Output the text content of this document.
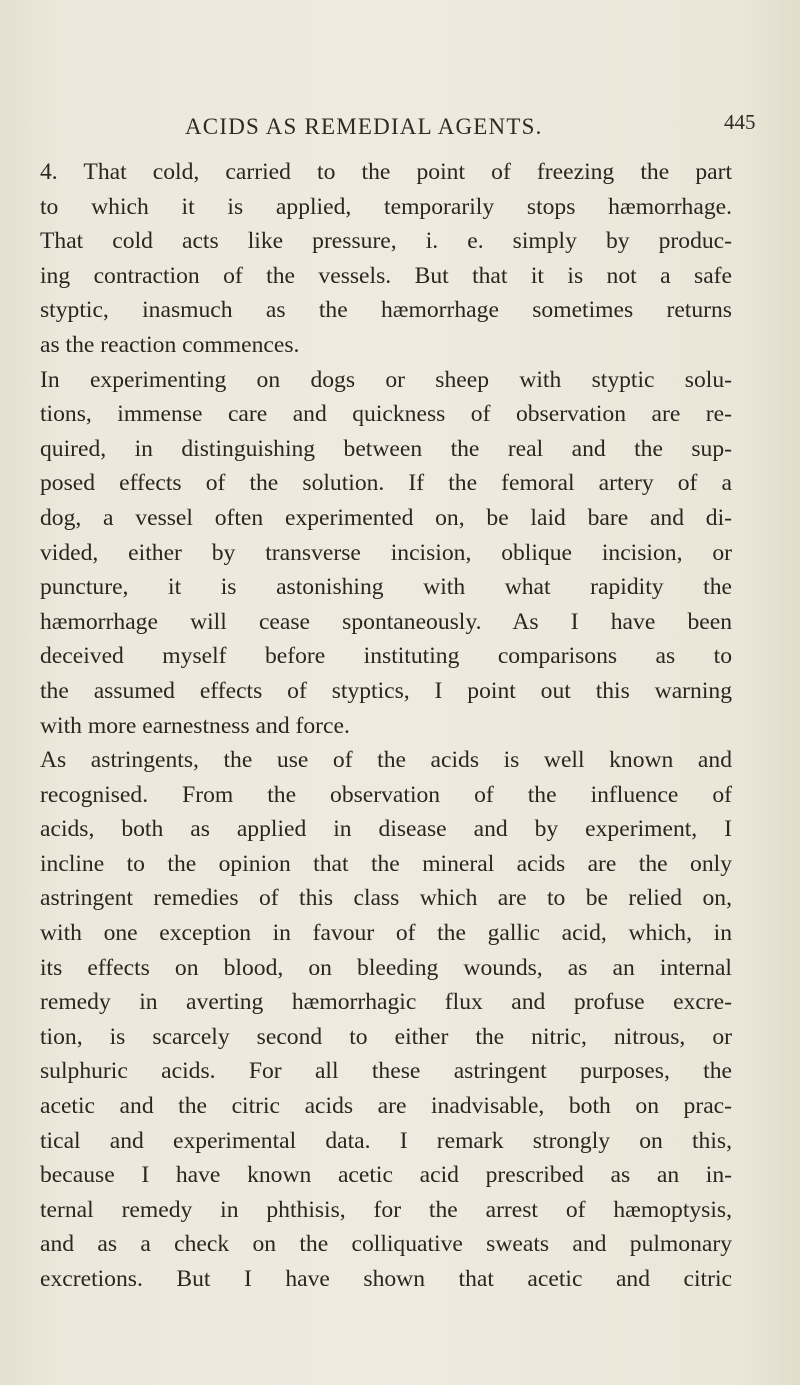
ACIDS AS REMEDIAL AGENTS.	445
4. That cold, carried to the point of freezing the part
to which it is applied, temporarily stops hæmorrhage.
That cold acts like pressure, i. e. simply by produc-
ing contraction of the vessels. But that it is not a safe
styptic, inasmuch as the hæmorrhage sometimes returns
as the reaction commences.
In experimenting on dogs or sheep with styptic solu-
tions, immense care and quickness of observation are re-
quired, in distinguishing between the real and the sup-
posed effects of the solution. If the femoral artery of a
dog, a vessel often experimented on, be laid bare and di-
vided, either by transverse incision, oblique incision, or
puncture, it is astonishing with what rapidity the
hæmorrhage will cease spontaneously. As I have been
deceived myself before instituting comparisons as to
the assumed effects of styptics, I point out this warning
with more earnestness and force.
As astringents, the use of the acids is well known and
recognised. From the observation of the influence of
acids, both as applied in disease and by experiment, I
incline to the opinion that the mineral acids are the only
astringent remedies of this class which are to be relied on,
with one exception in favour of the gallic acid, which, in
its effects on blood, on bleeding wounds, as an internal
remedy in averting hæmorrhagic flux and profuse excre-
tion, is scarcely second to either the nitric, nitrous, or
sulphuric acids. For all these astringent purposes, the
acetic and the citric acids are inadvisable, both on prac-
tical and experimental data. I remark strongly on this,
because I have known acetic acid prescribed as an in-
ternal remedy in phthisis, for the arrest of hæmoptysis,
and as a check on the colliquative sweats and pulmonary
excretions. But I have shown that acetic and citric
